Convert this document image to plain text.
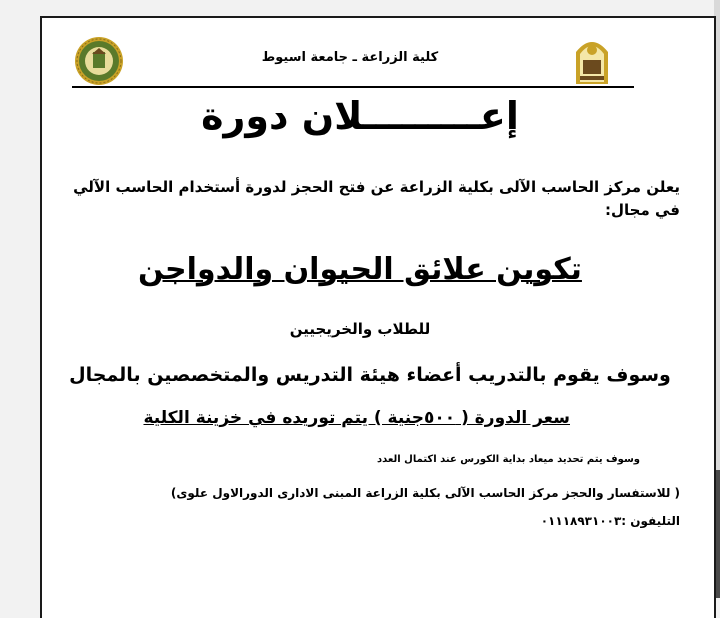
كلية الزراعة ـ جامعة اسيوط
إعـــــــــلان دورة
يعلن مركز الحاسب الآلى بكلية الزراعة عن فتح الحجز لدورة أستخدام الحاسب الآلي في مجال:
تكوين علائق الحيوان والدواجن
للطلاب والخريجيين
وسوف يقوم بالتدريب أعضاء هيئة التدريس والمتخصصين بالمجال
سعر الدورة ( ٥٠٠جنية ) يتم توريده في خزينة الكلية
وسوف يتم تحديد ميعاد بداية الكورس عند اكتمال العدد
( للاستفسار والحجز مركز الحاسب الآلى بكلية الزراعة المبنى الادارى الدورالاول علوى)
التليفون :٠١١١٨٩٣١٠٠٣
